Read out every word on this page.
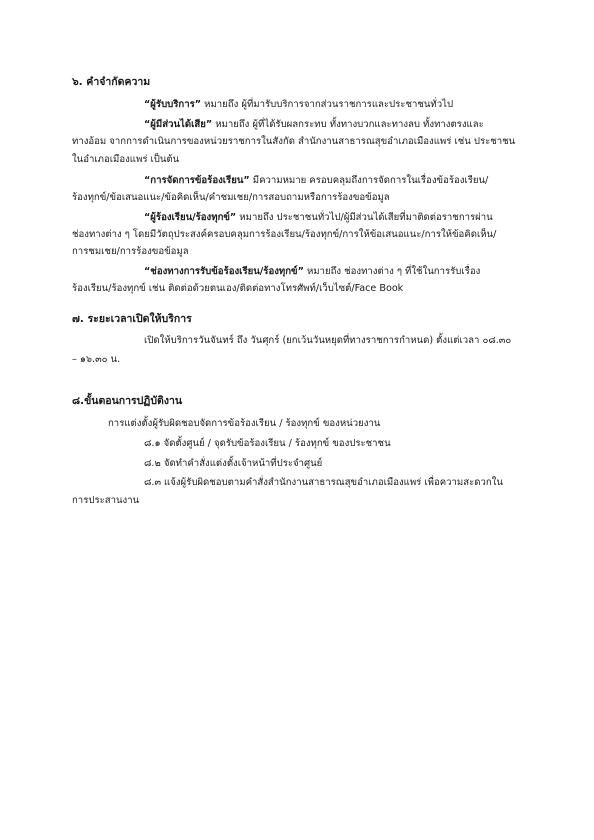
๖. คำจำกัดความ
“ผู้รับบริการ” หมายถึง ผู้ที่มารับบริการจากส่วนราชการและประชาชนทั่วไป
“ผู้มีส่วนได้เสีย” หมายถึง ผู้ที่ได้รับผลกระทบ ทั้งทางบวกและทางลบ ทั้งทางตรงและ
ทางอ้อม จากการดำเนินการของหน่วยราชการในสังกัด สำนักงานสาธารณสุขอำเภอเมืองแพร่ เช่น ประชาชน
ในอำเภอเมืองแพร่ เป็นต้น
“การจัดการข้อร้องเรียน” มีความหมาย ครอบคลุมถึงการจัดการในเรื่องข้อร้องเรียน/
ร้องทุกข์/ข้อเสนอแนะ/ข้อคิดเห็น/คำชมเชย/การสอบถามหรือการร้องขอข้อมูล
“ผู้ร้องเรียน/ร้องทุกข์” หมายถึง ประชาชนทั่วไป/ผู้มีส่วนได้เสียที่มาติดต่อราชการผ่าน
ช่องทางต่าง ๆ โดยมีวัตถุประสงค์ครอบคลุมการร้องเรียน/ร้องทุกข์/การให้ข้อเสนอแนะ/การให้ข้อคิดเห็น/
การชมเชย/การร้องขอข้อมูล
“ช่องทางการรับข้อร้องเรียน/ร้องทุกข์” หมายถึง ช่องทางต่าง ๆ ที่ใช้ในการรับเรื่อง
ร้องเรียน/ร้องทุกข์ เช่น ติดต่อด้วยตนเอง/ติดต่อทางโทรศัพท์/เว็บไซต์/Face Book
๗. ระยะเวลาเปิดให้บริการ
เปิดให้บริการวันจันทร์ ถึง วันศุกร์ (ยกเว้นวันหยุดที่ทางราชการกำหนด) ตั้งแต่เวลา ๐๘.๓๐
– ๑๖.๓๐ น.
๘.ขั้นตอนการปฏิบัติงาน
การแต่งตั้งผู้รับผิดชอบจัดการข้อร้องเรียน / ร้องทุกข์ ของหน่วยงาน
๘.๑ จัดตั้งศูนย์ / จุดรับข้อร้องเรียน / ร้องทุกข์ ของประชาชน
๘.๒ จัดทำคำสั่งแต่งตั้งเจ้าหน้าที่ประจำศูนย์
๘.๓ แจ้งผู้รับผิดชอบตามคำสั่งสำนักงานสาธารณสุขอำเภอเมืองแพร่ เพื่อความสะดวกใน
การประสานงาน
